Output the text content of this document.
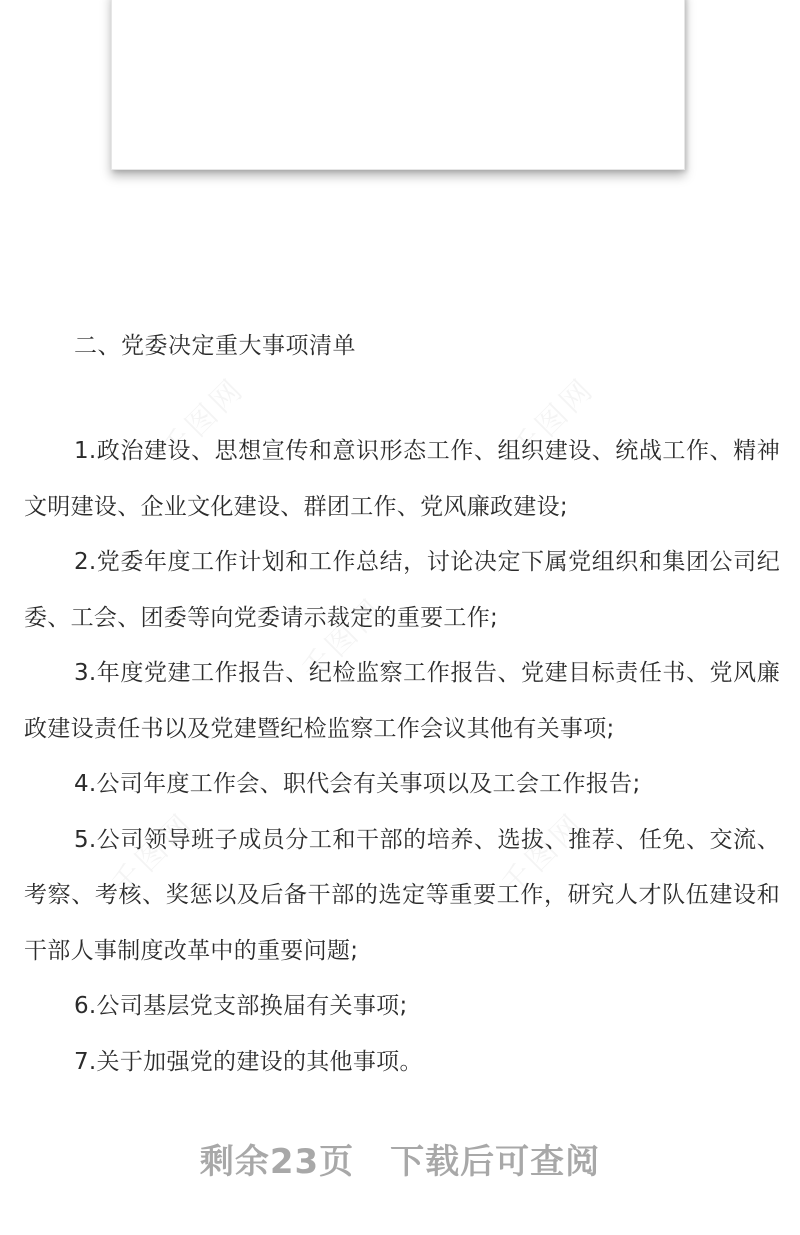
二、党委决定重大事项清单

1.政治建设、思想宣传和意识形态工作、组织建设、统战工作、精神文明建设、企业文化建设、群团工作、党风廉政建设;

2.党委年度工作计划和工作总结，讨论决定下属党组织和集团公司纪委、工会、团委等向党委请示裁定的重要工作;

3.年度党建工作报告、纪检监察工作报告、党建目标责任书、党风廉政建设责任书以及党建暨纪检监察工作会议其他有关事项;

4.公司年度工作会、职代会有关事项以及工会工作报告;

5.公司领导班子成员分工和干部的培养、选拔、推荐、任免、交流、考察、考核、奖惩以及后备干部的选定等重要工作，研究人才队伍建设和干部人事制度改革中的重要问题;

6.公司基层党支部换届有关事项;

7.关于加强党的建设的其他事项。

剩余23页 下载后可查阅
